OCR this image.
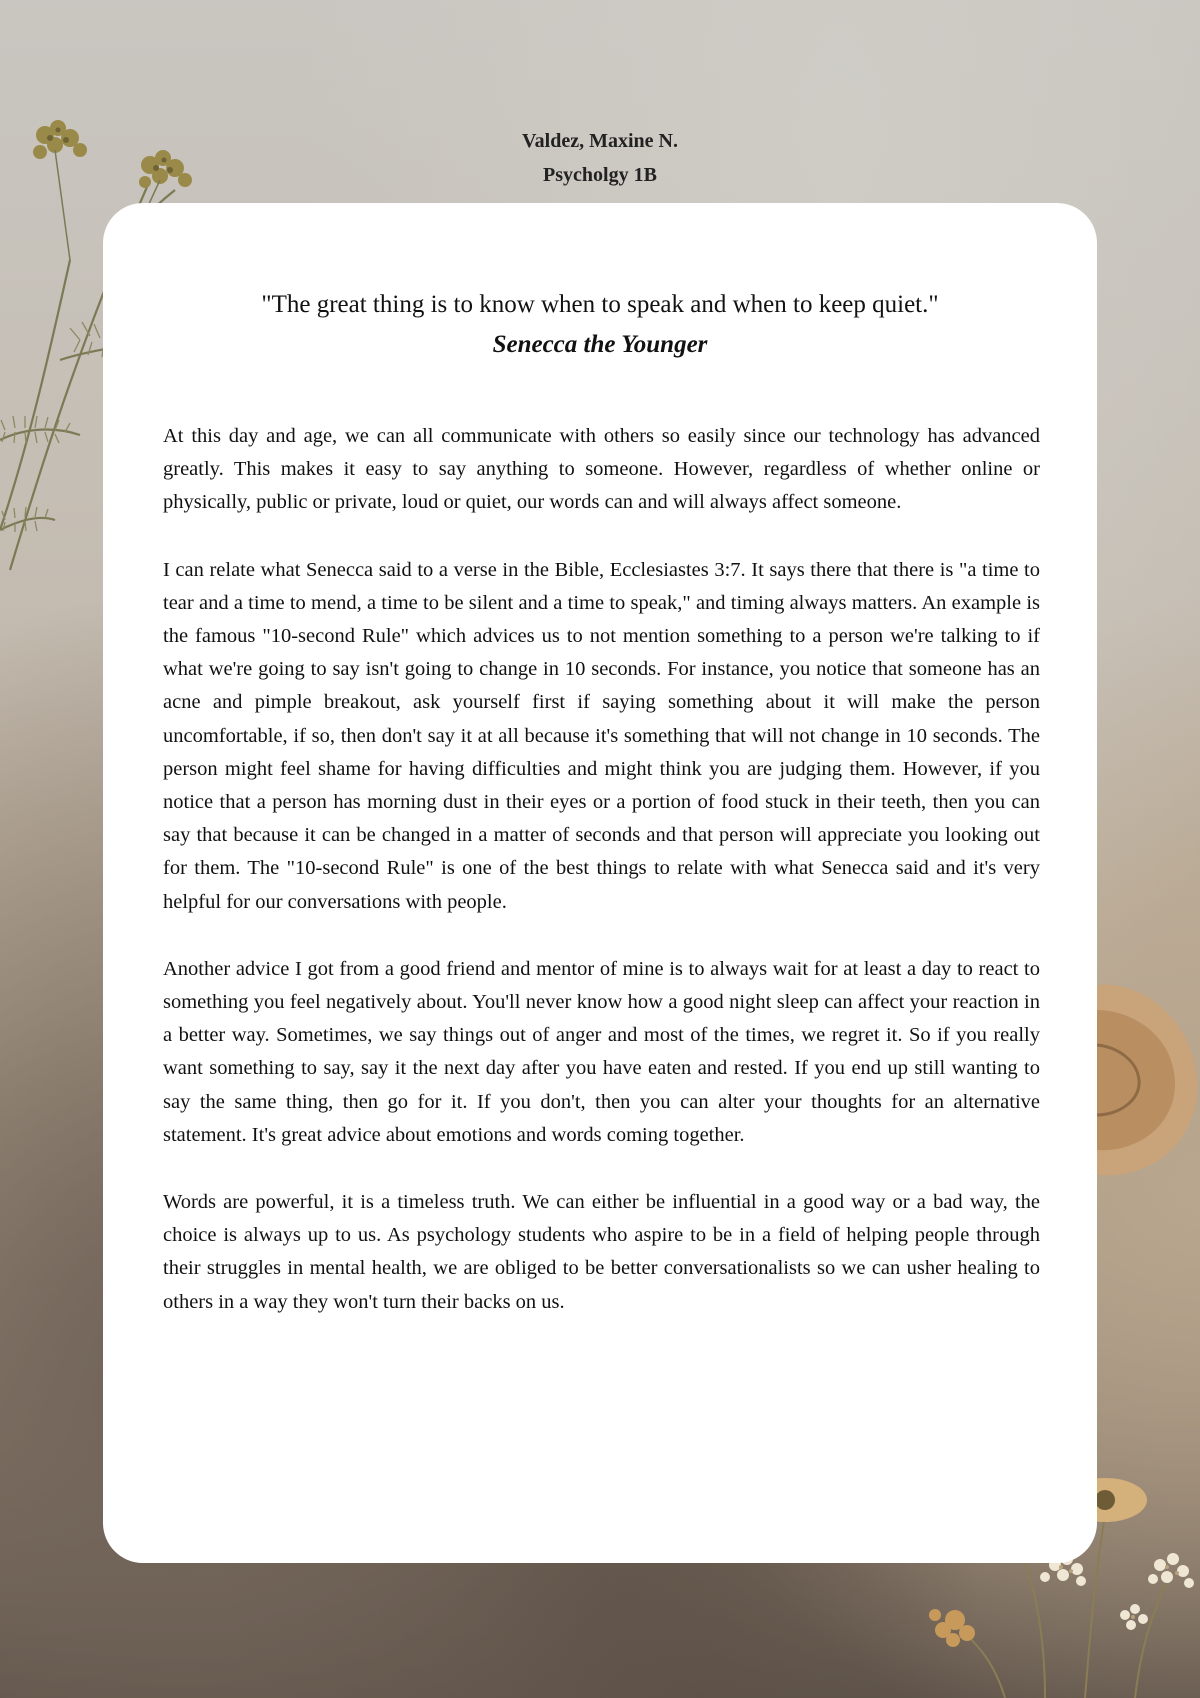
Valdez, Maxine N.
Psycholgy 1B
"The great thing is to know when to speak and when to keep quiet."
Senecca the Younger

At this day and age, we can all communicate with others so easily since our technology has advanced greatly. This makes it easy to say anything to someone. However, regardless of whether online or physically, public or private, loud or quiet, our words can and will always affect someone.

I can relate what Senecca said to a verse in the Bible, Ecclesiastes 3:7. It says there that there is "a time to tear and a time to mend, a time to be silent and a time to speak," and timing always matters. An example is the famous "10-second Rule" which advices us to not mention something to a person we're talking to if what we're going to say isn't going to change in 10 seconds. For instance, you notice that someone has an acne and pimple breakout, ask yourself first if saying something about it will make the person uncomfortable, if so, then don't say it at all because it's something that will not change in 10 seconds. The person might feel shame for having difficulties and might think you are judging them. However, if you notice that a person has morning dust in their eyes or a portion of food stuck in their teeth, then you can say that because it can be changed in a matter of seconds and that person will appreciate you looking out for them. The "10-second Rule" is one of the best things to relate with what Senecca said and it's very helpful for our conversations with people.

Another advice I got from a good friend and mentor of mine is to always wait for at least a day to react to something you feel negatively about. You'll never know how a good night sleep can affect your reaction in a better way. Sometimes, we say things out of anger and most of the times, we regret it. So if you really want something to say, say it the next day after you have eaten and rested. If you end up still wanting to say the same thing, then go for it. If you don't, then you can alter your thoughts for an alternative statement. It's great advice about emotions and words coming together.

Words are powerful, it is a timeless truth. We can either be influential in a good way or a bad way, the choice is always up to us. As psychology students who aspire to be in a field of helping people through their struggles in mental health, we are obliged to be better conversationalists so we can usher healing to others in a way they won't turn their backs on us.
